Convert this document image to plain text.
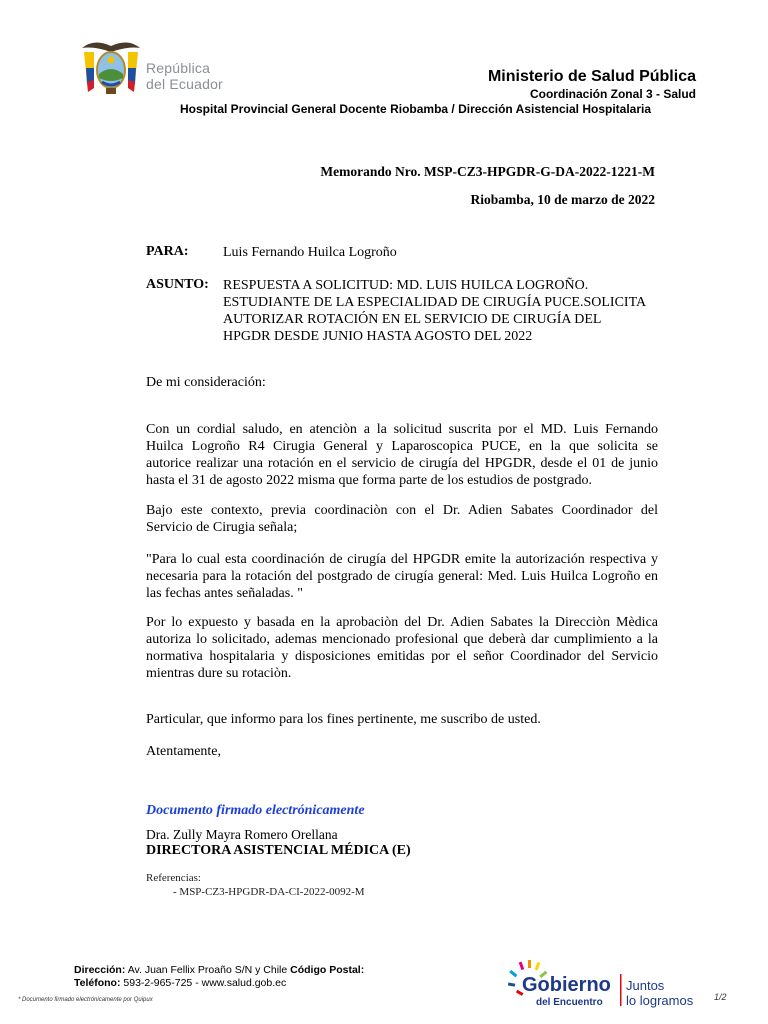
República
del Ecuador	Ministerio de Salud Pública
Coordinación Zonal 3 - Salud
Hospital Provincial General Docente Riobamba / Dirección Asistencial Hospitalaria
Memorando Nro. MSP-CZ3-HPGDR-G-DA-2022-1221-M
Riobamba, 10 de marzo de 2022
PARA: Luis Fernando Huilca Logroño
ASUNTO: RESPUESTA A SOLICITUD: MD. LUIS HUILCA LOGROÑO.
ESTUDIANTE DE LA ESPECIALIDAD DE CIRUGÍA PUCE.SOLICITA
AUTORIZAR ROTACIÓN EN EL SERVICIO DE CIRUGÍA DEL
HPGDR DESDE JUNIO HASTA AGOSTO DEL 2022
De mi consideración:
Con un cordial saludo, en atenciòn a la solicitud suscrita por el MD. Luis Fernando
Huilca Logroño R4 Cirugia General y Laparoscopica PUCE, en la que solicita se
autorice realizar una rotación en el servicio de cirugía del HPGDR, desde el 01 de junio
hasta el 31 de agosto 2022 misma que forma parte de los estudios de postgrado.
Bajo este contexto, previa coordinaciòn con el Dr. Adien Sabates Coordinador del
Servicio de Cirugia señala;
"Para lo cual esta coordinación de cirugía del HPGDR emite la autorización respectiva y
necesaria para la rotación del postgrado de cirugía general: Med. Luis Huilca Logroño en
las fechas antes señaladas. "
Por lo expuesto y basada en la aprobaciòn del Dr. Adien Sabates la Direcciòn Mèdica
autoriza lo solicitado, ademas mencionado profesional que deberà dar cumplimiento a la
normativa hospitalaria y disposiciones emitidas por el señor Coordinador del Servicio
mientras dure su rotaciòn.
Particular, que informo para los fines pertinente, me suscribo de usted.
Atentamente,
Documento firmado electrónicamente
Dra. Zully Mayra Romero Orellana
DIRECTORA ASISTENCIAL MÉDICA (E)
Referencias:
- MSP-CZ3-HPGDR-DA-CI-2022-0092-M
Dirección: Av. Juan Fellix Proaño S/N y Chile Código Postal:
Teléfono: 593-2-965-725 - www.salud.gob.ec
* Documento firmado electrónicamente por Quipux
Gobierno
del Encuentro
Juntos
lo logramos 1/2
